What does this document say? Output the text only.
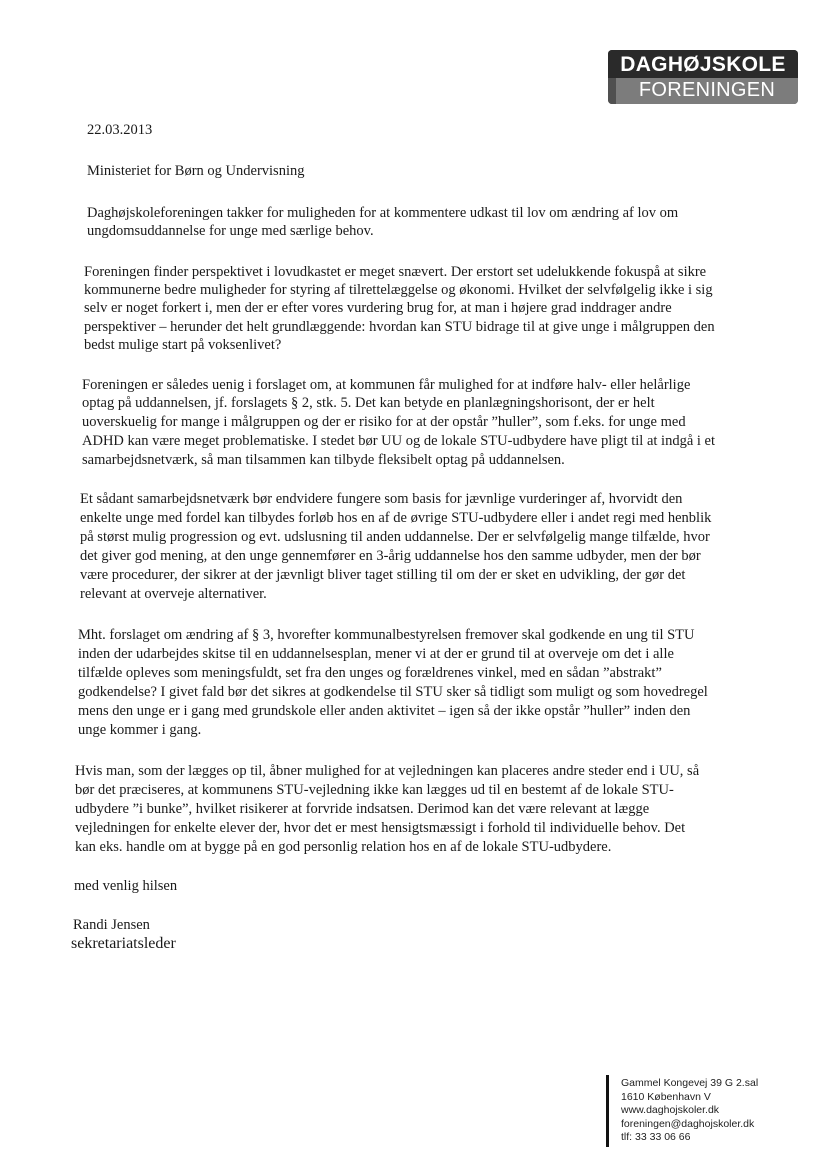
DAGHØJSKOLE
FORENINGEN
22.03.2013
Ministeriet for Børn og Undervisning
Daghøjskoleforeningen takker for muligheden for at kommentere udkast til lov om ændring af lov om
ungdomsuddannelse for unge med særlige behov.
Foreningen finder perspektivet i lovudkastet er meget snævert. Der erstort set udelukkende fokuspå at sikre
kommunerne bedre muligheder for styring af tilrettelæggelse og økonomi. Hvilket der selvfølgelig ikke i sig
selv er noget forkert i, men der er efter vores vurdering brug for, at man i højere grad inddrager andre
perspektiver – herunder det helt grundlæggende: hvordan kan STU bidrage til at give unge i målgruppen den
bedst mulige start på voksenlivet?
Foreningen er således uenig i forslaget om, at kommunen får mulighed for at indføre halv- eller helårlige
optag på uddannelsen, jf. forslagets § 2, stk. 5. Det kan betyde en planlægningshorisont, der er helt
uoverskuelig for mange i målgruppen og der er risiko for at der opstår ”huller”, som f.eks. for unge med
ADHD kan være meget problematiske. I stedet bør UU og de lokale STU-udbydere have pligt til at indgå i et
samarbejdsnetværk, så man tilsammen kan tilbyde fleksibelt optag på uddannelsen.
Et sådant samarbejdsnetværk bør endvidere fungere som basis for jævnlige vurderinger af, hvorvidt den
enkelte unge med fordel kan tilbydes forløb hos en af de øvrige STU-udbydere eller i andet regi med henblik
på størst mulig progression og evt. udslusning til anden uddannelse. Der er selvfølgelig mange tilfælde, hvor
det giver god mening, at den unge gennemfører en 3-årig uddannelse hos den samme udbyder, men der bør
være procedurer, der sikrer at der jævnligt bliver taget stilling til om der er sket en udvikling, der gør det
relevant at overveje alternativer.
Mht. forslaget om ændring af § 3, hvorefter kommunalbestyrelsen fremover skal godkende en ung til STU
inden der udarbejdes skitse til en uddannelsesplan, mener vi at der er grund til at overveje om det i alle
tilfælde opleves som meningsfuldt, set fra den unges og forældrenes vinkel, med en sådan ”abstrakt”
godkendelse? I givet fald bør det sikres at godkendelse til STU sker så tidligt som muligt og som hovedregel
mens den unge er i gang med grundskole eller anden aktivitet – igen så der ikke opstår ”huller” inden den
unge kommer i gang.
Hvis man, som der lægges op til, åbner mulighed for at vejledningen kan placeres andre steder end i UU, så
bør det præciseres, at kommunens STU-vejledning ikke kan lægges ud til en bestemt af de lokale STU-
udbydere ”i bunke”, hvilket risikerer at forvride indsatsen. Derimod kan det være relevant at lægge
vejledningen for enkelte elever der, hvor det er mest hensigtsmæssigt i forhold til individuelle behov. Det
kan eks. handle om at bygge på en god personlig relation hos en af de lokale STU-udbydere.
med venlig hilsen
Randi Jensen
sekretariatsleder
Gammel Kongevej 39 G 2.sal
1610 København V
www.daghojskoler.dk
foreningen@daghojskoler.dk
tlf: 33 33 06 66
